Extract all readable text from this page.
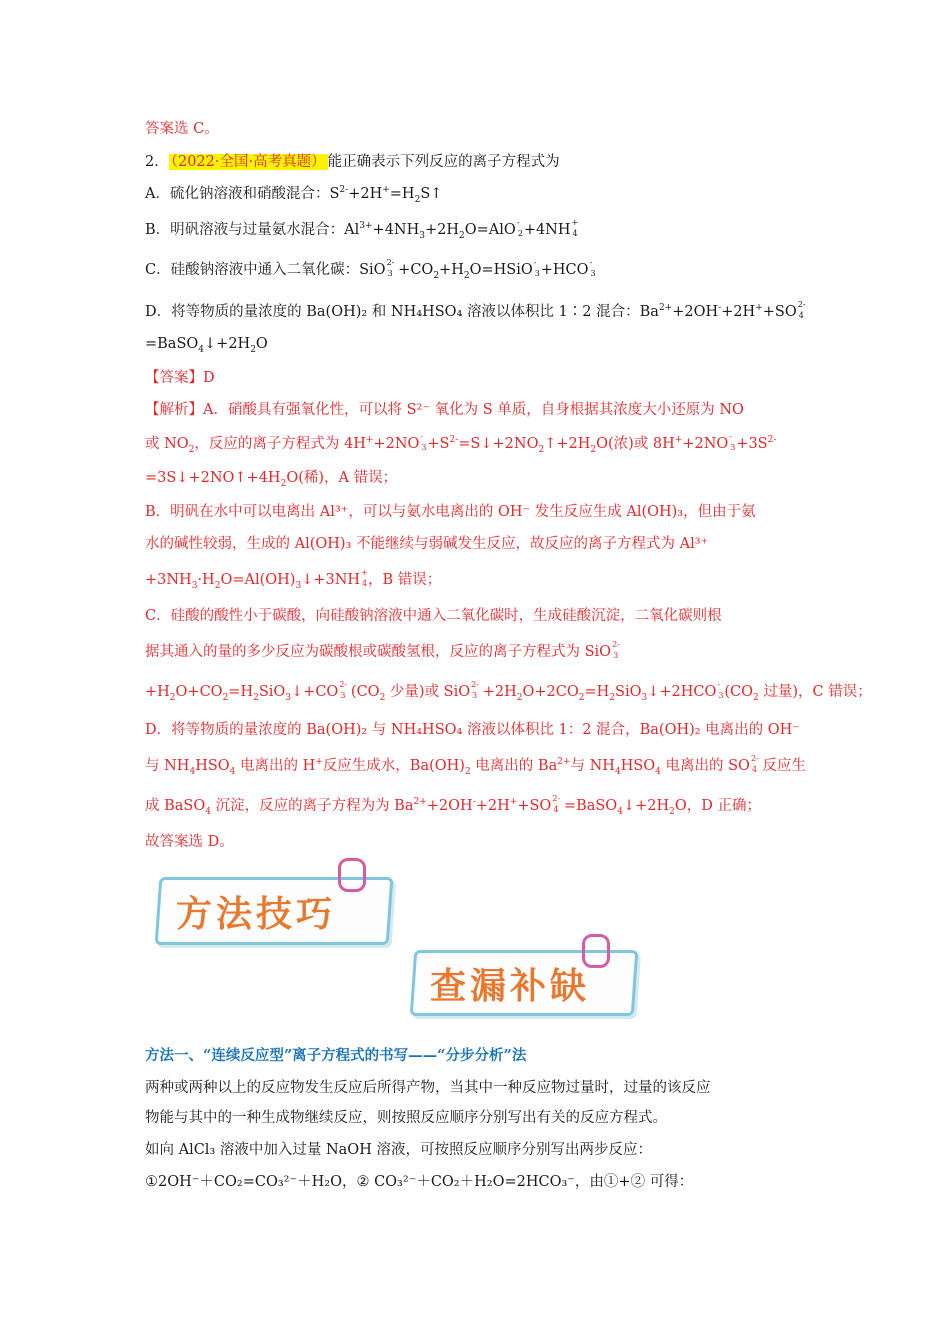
答案选 C。
2． （2022·全国·高考真题） 能正确表示下列反应的离子方程式为
A．硫化钠溶液和硝酸混合：$S^{2-}+2H^+=H_2S↑$
B．明矾溶液与过量氨水混合：$Al^{3+}+4NH_3+2H_2O=AlO$ -
2 +4NH +
4
C．硅酸钠溶液中通入二氧化碳：SiO 2-
$3 +CO_2+H_2O=HSiO$ -
3 +HCO -
3
D．将等物质的量浓度的 Ba(OH)₂ 和 NH₄HSO₄ 溶液以体积比 1∶2 混合：$Ba^{2+}+2OH^-+2H^++SO$ 2-
4
$=BaSO_4↓+2H_2O$
【答案】D
【解析】A．硝酸具有强氧化性，可以将 S²⁻ 氧化为 S 单质，自身根据其浓度大小还原为 NO
或 $NO_2$，反应的离子方程式为 4H++2NO -
$3 +S^{2-}=S↓+2NO_2↑+2H_2O$(浓)或 8H++2NO -
$3 +3S^{2-}$
$=3S↓+2NO↑+4H_2O$(稀)，A 错误；
B．明矾在水中可以电离出 Al³⁺，可以与氨水电离出的 OH⁻ 发生反应生成 Al(OH)₃，但由于氨
水的碱性较弱，生成的 Al(OH)₃ 不能继续与弱碱发生反应，故反应的离子方程式为 Al³⁺
$+3NH_3\cdot H_2O=Al(OH)_3↓+3NH$ +
4 ，B 错误；
C．硅酸的酸性小于碳酸，向硅酸钠溶液中通入二氧化碳时，生成硅酸沉淀，二氧化碳则根
据其通入的量的多少反应为碳酸根或碳酸氢根，反应的离子方程式为 SiO 2-
3
$+H_2O+CO_2=H_2SiO_3↓+CO$ 2-
3 ($CO_2$ 少量)或 SiO 2-
$3 +2H_2O+2CO_2=H_2SiO_3↓+2HCO$ -
3 ($CO_2$ 过量)，C 错误；
D．将等物质的量浓度的 Ba(OH)₂ 与 NH₄HSO₄ 溶液以体积比 1：2 混合，Ba(OH)₂ 电离出的 OH⁻
与 $NH_4HSO_4$ 电离出的 H+反应生成水，$Ba(OH)_2$ 电离出的 $Ba^{2+}$与 $NH_4HSO_4$ 电离出的 SO 2-
4 反应生
成 BaSO$_4$ 沉淀，反应的离子方程为为 $Ba^{2+}+2OH^-+2H^++SO$ 2-
$4 =BaSO_4↓+2H_2O$，D 正确；
故答案选 D。
方法技巧
查漏补缺
方法一、“连续反应型”离子方程式的书写——“分步分析”法
两种或两种以上的反应物发生反应后所得产物，当其中一种反应物过量时，过量的该反应
物能与其中的一种生成物继续反应，则按照反应顺序分别写出有关的反应方程式。
如向 AlCl₃ 溶液中加入过量 NaOH 溶液，可按照反应顺序分别写出两步反应：
①2OH⁻＋CO₂=CO₃²⁻＋H₂O，② CO₃²⁻＋CO₂＋H₂O=2HCO₃⁻，由①+② 可得：
